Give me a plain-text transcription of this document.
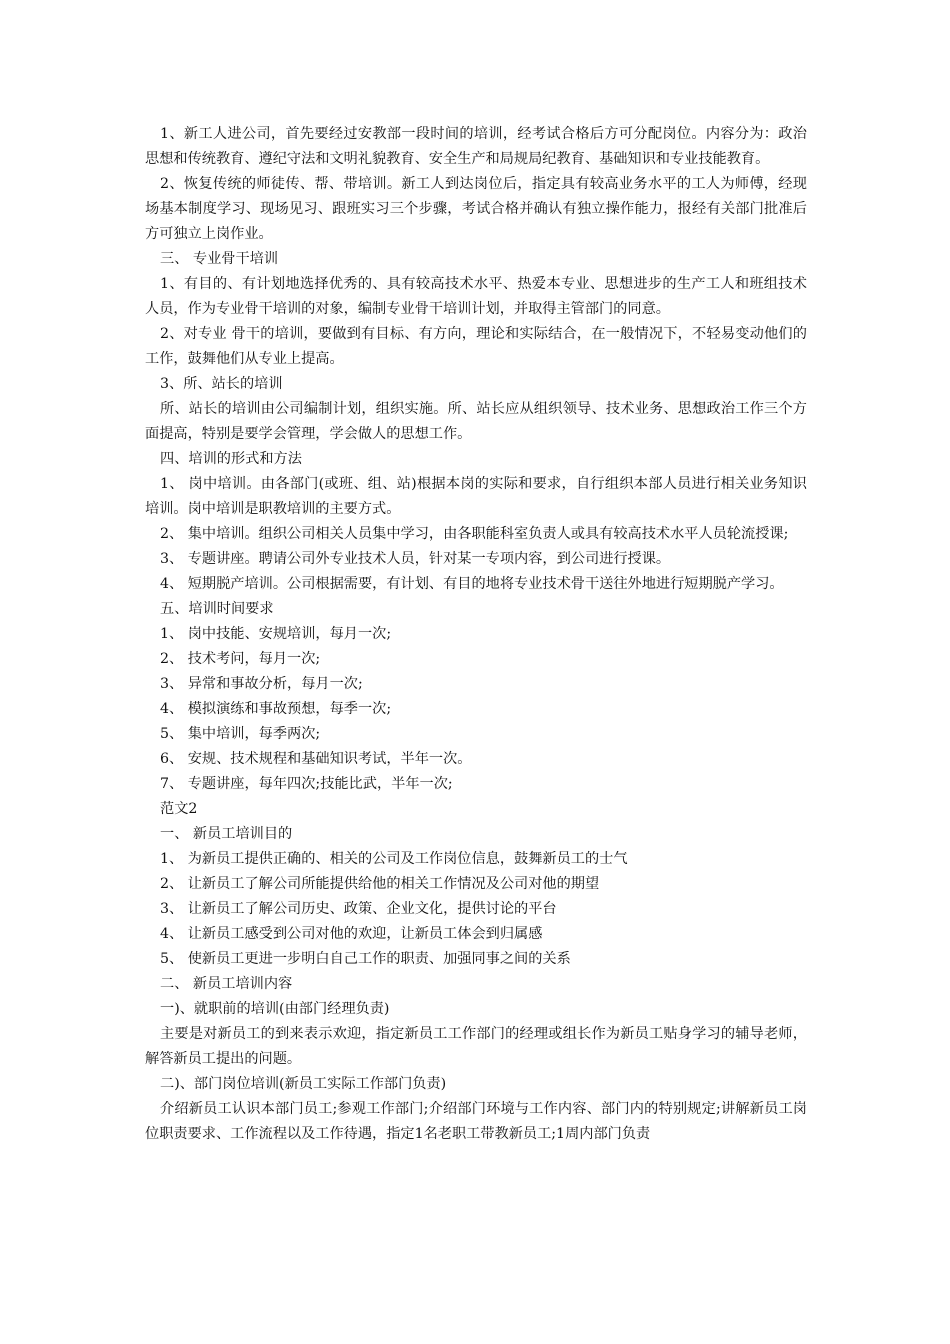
1、新工人进公司，首先要经过安教部一段时间的培训，经考试合格后方可分配岗位。内容分为：政治思想和传统教育、遵纪守法和文明礼貌教育、安全生产和局规局纪教育、基础知识和专业技能教育。

2、恢复传统的师徒传、帮、带培训。新工人到达岗位后，指定具有较高业务水平的工人为师傅，经现场基本制度学习、现场见习、跟班实习三个步骤，考试合格并确认有独立操作能力，报经有关部门批准后方可独立上岗作业。

三、 专业骨干培训

1、有目的、有计划地选择优秀的、具有较高技术水平、热爱本专业、思想进步的生产工人和班组技术人员，作为专业骨干培训的对象，编制专业骨干培训计划，并取得主管部门的同意。

2、对专业 骨干的培训，要做到有目标、有方向，理论和实际结合，在一般情况下，不轻易变动他们的工作，鼓舞他们从专业上提高。

3、所、站长的培训

所、站长的培训由公司编制计划，组织实施。所、站长应从组织领导、技术业务、思想政治工作三个方面提高，特别是要学会管理，学会做人的思想工作。

四、培训的形式和方法

1、 岗中培训。由各部门(或班、组、站)根据本岗的实际和要求，自行组织本部人员进行相关业务知识培训。岗中培训是职教培训的主要方式。

2、 集中培训。组织公司相关人员集中学习，由各职能科室负责人或具有较高技术水平人员轮流授课;

3、 专题讲座。聘请公司外专业技术人员，针对某一专项内容，到公司进行授课。

4、 短期脱产培训。公司根据需要，有计划、有目的地将专业技术骨干送往外地进行短期脱产学习。

五、培训时间要求

1、 岗中技能、安规培训，每月一次;

2、 技术考问，每月一次;

3、 异常和事故分析，每月一次;

4、 模拟演练和事故预想，每季一次;

5、 集中培训，每季两次;

6、 安规、技术规程和基础知识考试，半年一次。

7、 专题讲座，每年四次;技能比武，半年一次;

范文2

一、 新员工培训目的

1、 为新员工提供正确的、相关的公司及工作岗位信息，鼓舞新员工的士气

2、 让新员工了解公司所能提供给他的相关工作情况及公司对他的期望

3、 让新员工了解公司历史、政策、企业文化，提供讨论的平台

4、 让新员工感受到公司对他的欢迎，让新员工体会到归属感

5、 使新员工更进一步明白自己工作的职责、加强同事之间的关系

二、 新员工培训内容

一)、就职前的培训(由部门经理负责)

主要是对新员工的到来表示欢迎，指定新员工工作部门的经理或组长作为新员工贴身学习的辅导老师，解答新员工提出的问题。

二)、部门岗位培训(新员工实际工作部门负责)

介绍新员工认识本部门员工;参观工作部门;介绍部门环境与工作内容、部门内的特别规定;讲解新员工岗位职责要求、工作流程以及工作待遇，指定1名老职工带教新员工;1周内部门负责
